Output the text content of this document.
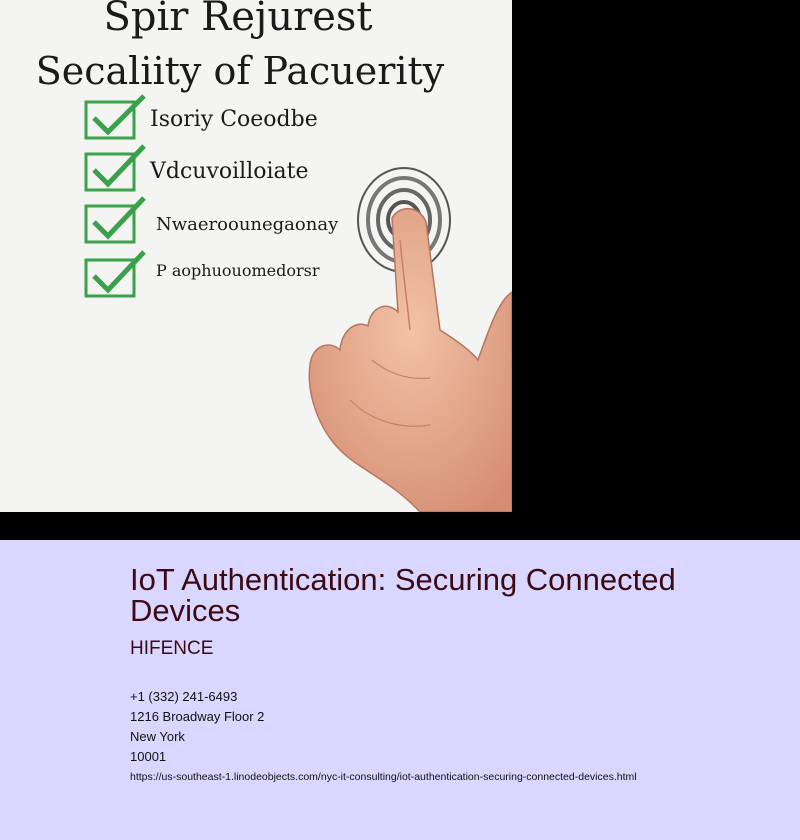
Spir Rejurest
Secaliity of Pacuerity
Isoriy Coeodbe
Vdcuvoilloiate
Nwaeroounegaonay
P aophuouomedorsr
IoT Authentication: Securing Connected Devices
HIFENCE
+1 (332) 241-6493
1216 Broadway Floor 2
New York
10001
https://us-southeast-1.linodeobjects.com/nyc-it-consulting/iot-authentication-securing-connected-devices.html
